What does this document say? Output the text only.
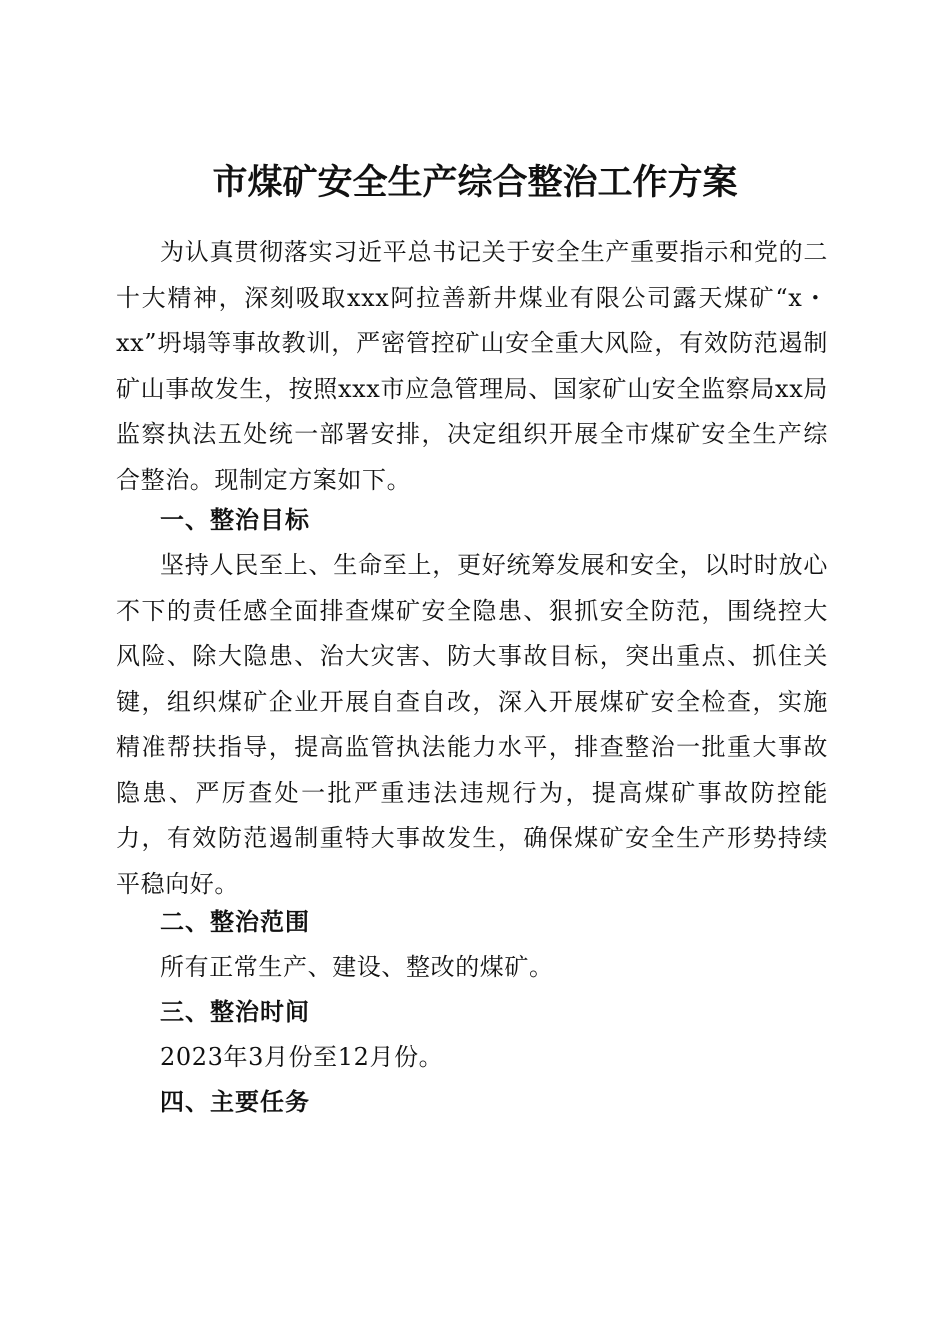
市煤矿安全生产综合整治工作方案

为认真贯彻落实习近平总书记关于安全生产重要指示和党的二十大精神，深刻吸取xxx阿拉善新井煤业有限公司露天煤矿“x・xx”坍塌等事故教训，严密管控矿山安全重大风险，有效防范遏制矿山事故发生，按照xxx市应急管理局、国家矿山安全监察局xx局监察执法五处统一部署安排，决定组织开展全市煤矿安全生产综合整治。现制定方案如下。

一、整治目标

坚持人民至上、生命至上，更好统筹发展和安全，以时时放心不下的责任感全面排查煤矿安全隐患、狠抓安全防范，围绕控大风险、除大隐患、治大灾害、防大事故目标，突出重点、抓住关键，组织煤矿企业开展自查自改，深入开展煤矿安全检查，实施精准帮扶指导，提高监管执法能力水平，排查整治一批重大事故隐患、严厉查处一批严重违法违规行为，提高煤矿事故防控能力，有效防范遏制重特大事故发生，确保煤矿安全生产形势持续平稳向好。

二、整治范围

所有正常生产、建设、整改的煤矿。

三、整治时间

2023年3月份至12月份。

四、主要任务
